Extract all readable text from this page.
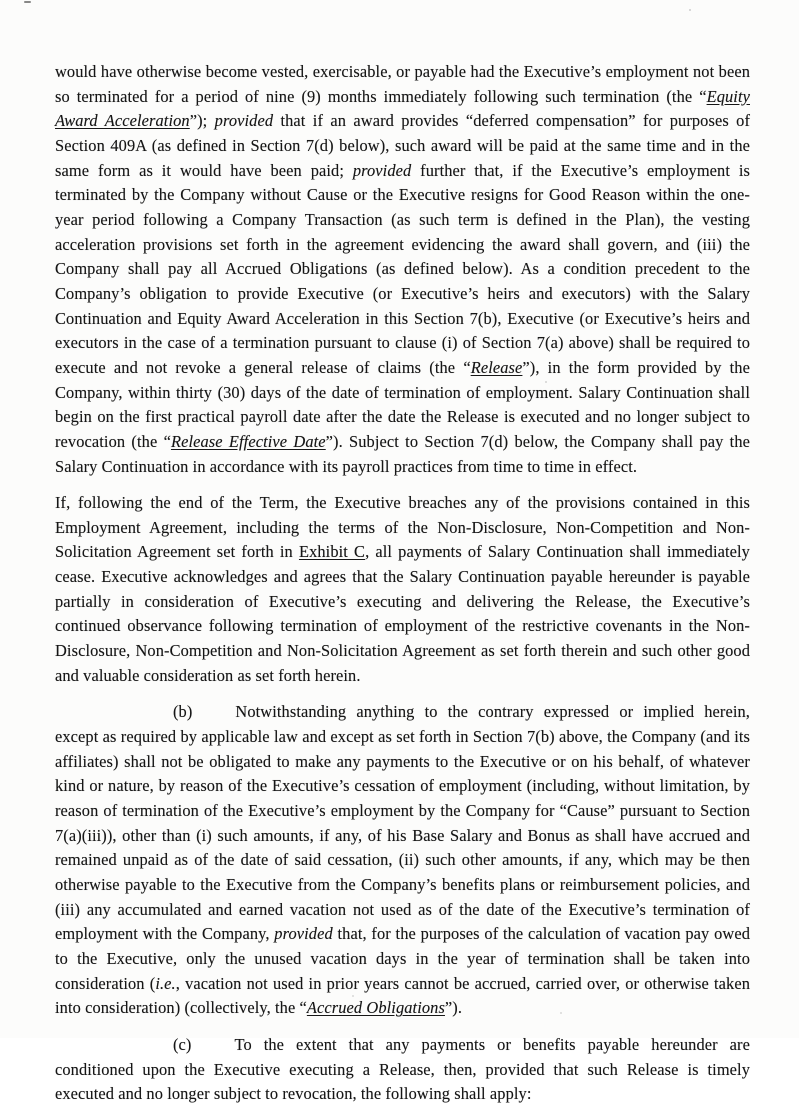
would have otherwise become vested, exercisable, or payable had the Executive’s employment not been so terminated for a period of nine (9) months immediately following such termination (the “Equity Award Acceleration”); provided that if an award provides “deferred compensation” for purposes of Section 409A (as defined in Section 7(d) below), such award will be paid at the same time and in the same form as it would have been paid; provided further that, if the Executive’s employment is terminated by the Company without Cause or the Executive resigns for Good Reason within the one-year period following a Company Transaction (as such term is defined in the Plan), the vesting acceleration provisions set forth in the agreement evidencing the award shall govern, and (iii) the Company shall pay all Accrued Obligations (as defined below). As a condition precedent to the Company’s obligation to provide Executive (or Executive’s heirs and executors) with the Salary Continuation and Equity Award Acceleration in this Section 7(b), Executive (or Executive’s heirs and executors in the case of a termination pursuant to clause (i) of Section 7(a) above) shall be required to execute and not revoke a general release of claims (the “Release”), in the form provided by the Company, within thirty (30) days of the date of termination of employment. Salary Continuation shall begin on the first practical payroll date after the date the Release is executed and no longer subject to revocation (the “Release Effective Date”). Subject to Section 7(d) below, the Company shall pay the Salary Continuation in accordance with its payroll practices from time to time in effect.

If, following the end of the Term, the Executive breaches any of the provisions contained in this Employment Agreement, including the terms of the Non-Disclosure, Non-Competition and Non-Solicitation Agreement set forth in Exhibit C, all payments of Salary Continuation shall immediately cease. Executive acknowledges and agrees that the Salary Continuation payable hereunder is payable partially in consideration of Executive’s executing and delivering the Release, the Executive’s continued observance following termination of employment of the restrictive covenants in the Non-Disclosure, Non-Competition and Non-Solicitation Agreement as set forth therein and such other good and valuable consideration as set forth herein.

(b)	Notwithstanding anything to the contrary expressed or implied herein, except as required by applicable law and except as set forth in Section 7(b) above, the Company (and its affiliates) shall not be obligated to make any payments to the Executive or on his behalf, of whatever kind or nature, by reason of the Executive’s cessation of employment (including, without limitation, by reason of termination of the Executive’s employment by the Company for “Cause” pursuant to Section 7(a)(iii)), other than (i) such amounts, if any, of his Base Salary and Bonus as shall have accrued and remained unpaid as of the date of said cessation, (ii) such other amounts, if any, which may be then otherwise payable to the Executive from the Company’s benefits plans or reimbursement policies, and (iii) any accumulated and earned vacation not used as of the date of the Executive’s termination of employment with the Company, provided that, for the purposes of the calculation of vacation pay owed to the Executive, only the unused vacation days in the year of termination shall be taken into consideration (i.e., vacation not used in prior years cannot be accrued, carried over, or otherwise taken into consideration) (collectively, the “Accrued Obligations”).

(c)	To the extent that any payments or benefits payable hereunder are conditioned upon the Executive executing a Release, then, provided that such Release is timely executed and no longer subject to revocation, the following shall apply:
